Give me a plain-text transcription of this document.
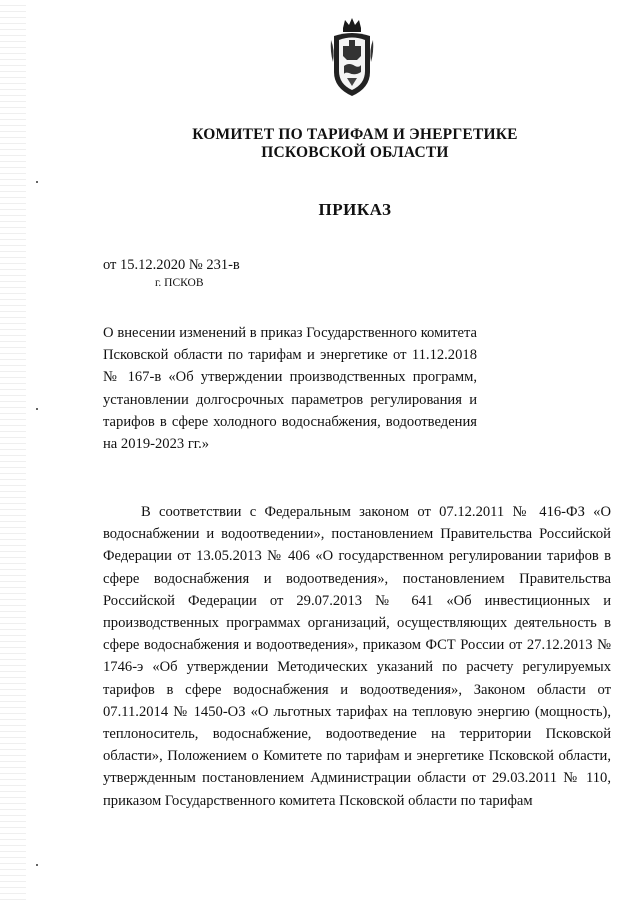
КОМИТЕТ ПО ТАРИФАМ И ЭНЕРГЕТИКЕ
ПСКОВСКОЙ ОБЛАСТИ
ПРИКАЗ
от 15.12.2020 № 231-в
г. ПСКОВ
О внесении изменений в приказ Государственного комитета Псковской области по тарифам и энергетике от 11.12.2018 № 167-в «Об утверждении производственных программ, установлении долгосрочных параметров регулирования и тарифов в сфере холодного водоснабжения, водоотведения на 2019-2023 гг.»
В соответствии с Федеральным законом от 07.12.2011 № 416-ФЗ «О водоснабжении и водоотведении», постановлением Правительства Российской Федерации от 13.05.2013 № 406 «О государственном регулировании тарифов в сфере водоснабжения и водоотведения», постановлением Правительства Российской Федерации от 29.07.2013 № 641 «Об инвестиционных и производственных программах организаций, осуществляющих деятельность в сфере водоснабжения и водоотведения», приказом ФСТ России от 27.12.2013 № 1746-э «Об утверждении Методических указаний по расчету регулируемых тарифов в сфере водоснабжения и водоотведения», Законом области от 07.11.2014 № 1450-ОЗ «О льготных тарифах на тепловую энергию (мощность), теплоноситель, водоснабжение, водоотведение на территории Псковской области», Положением о Комитете по тарифам и энергетике Псковской области, утвержденным постановлением Администрации области от 29.03.2011 № 110, приказом Государственного комитета Псковской области по тарифам
